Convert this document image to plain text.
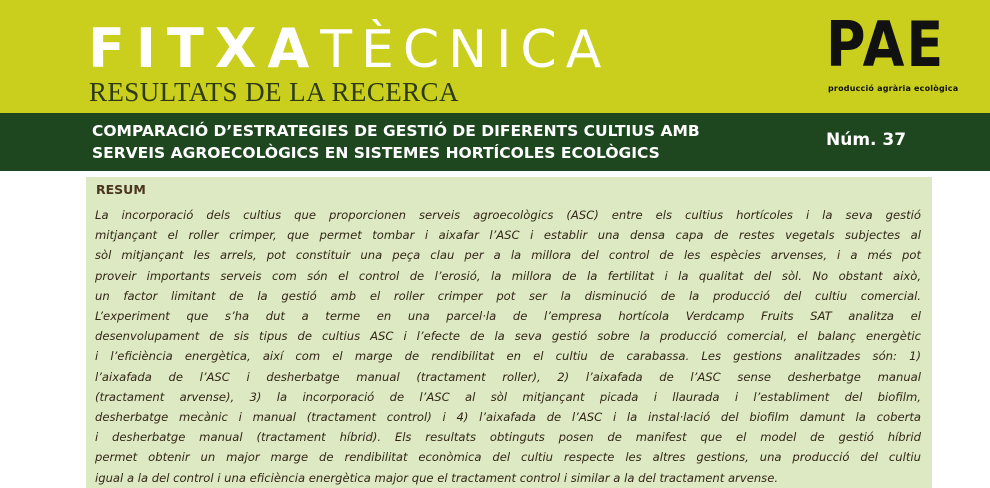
FITXA TÈCNICA
RESULTATS DE LA RECERCA
PAE
producció agrària ecològica
COMPARACIÓ D’ESTRATEGIES DE GESTIÓ DE DIFERENTS CULTIUS AMB
SERVEIS AGROECOLÒGICS EN SISTEMES HORTÍCOLES ECOLÒGICS
Núm. 37
RESUM
La incorporació dels cultius que proporcionen serveis agroecològics (ASC) entre els cultius hortícoles i la seva gestió
mitjançant el roller crimper, que permet tombar i aixafar l’ASC i establir una densa capa de restes vegetals subjectes al
sòl mitjançant les arrels, pot constituir una peça clau per a la millora del control de les espècies arvenses, i a més pot
proveir importants serveis com són el control de l’erosió, la millora de la fertilitat i la qualitat del sòl. No obstant això,
un factor limitant de la gestió amb el roller crimper pot ser la disminució de la producció del cultiu comercial.
L’experiment que s’ha dut a terme en una parcel·la de l’empresa hortícola Verdcamp Fruits SAT analitza el
desenvolupament de sis tipus de cultius ASC i l’efecte de la seva gestió sobre la producció comercial, el balanç energètic
i l’eficiència energètica, així com el marge de rendibilitat en el cultiu de carabassa. Les gestions analitzades són: 1)
l’aixafada de l’ASC i desherbatge manual (tractament roller), 2) l’aixafada de l’ASC sense desherbatge manual
(tractament arvense), 3) la incorporació de l’ASC al sòl mitjançant picada i llaurada i l’establiment del biofilm,
desherbatge mecànic i manual (tractament control) i 4) l’aixafada de l’ASC i la instal·lació del biofilm damunt la coberta
i desherbatge manual (tractament híbrid). Els resultats obtinguts posen de manifest que el model de gestió híbrid
permet obtenir un major marge de rendibilitat econòmica del cultiu respecte les altres gestions, una producció del cultiu
igual a la del control i una eficiència energètica major que el tractament control i similar a la del tractament arvense.
